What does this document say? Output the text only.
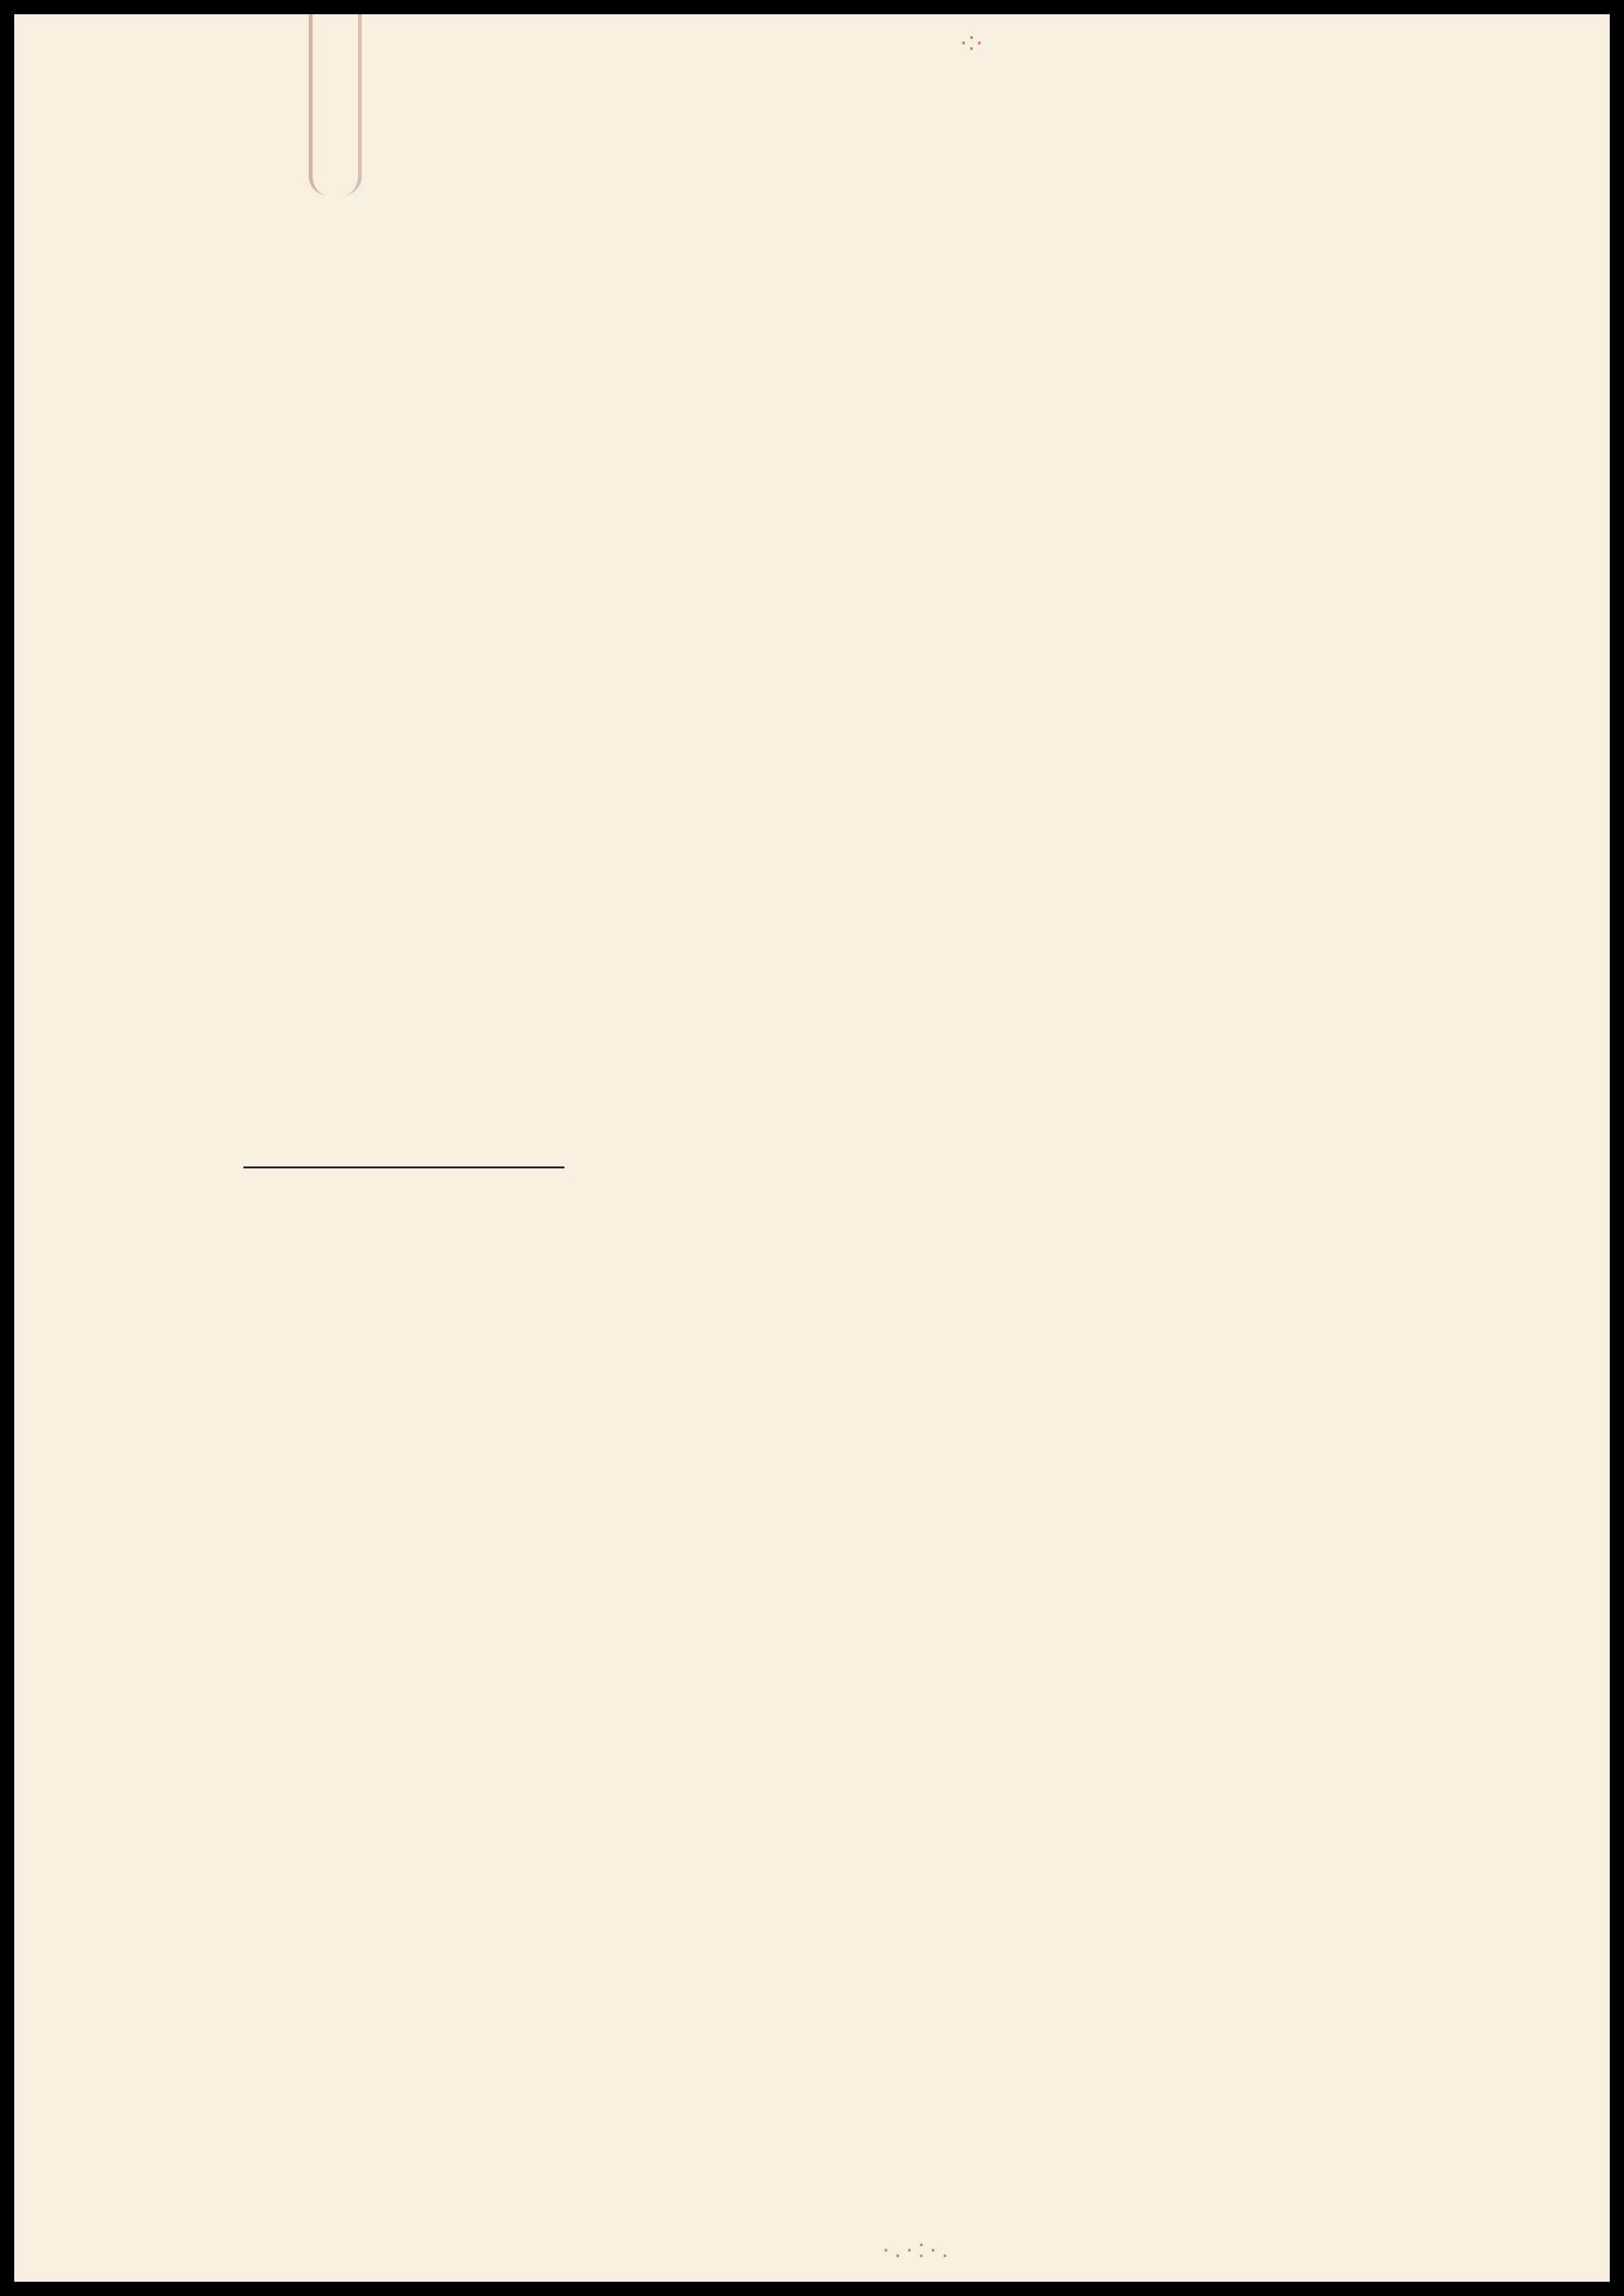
·:·
·.·:·.
